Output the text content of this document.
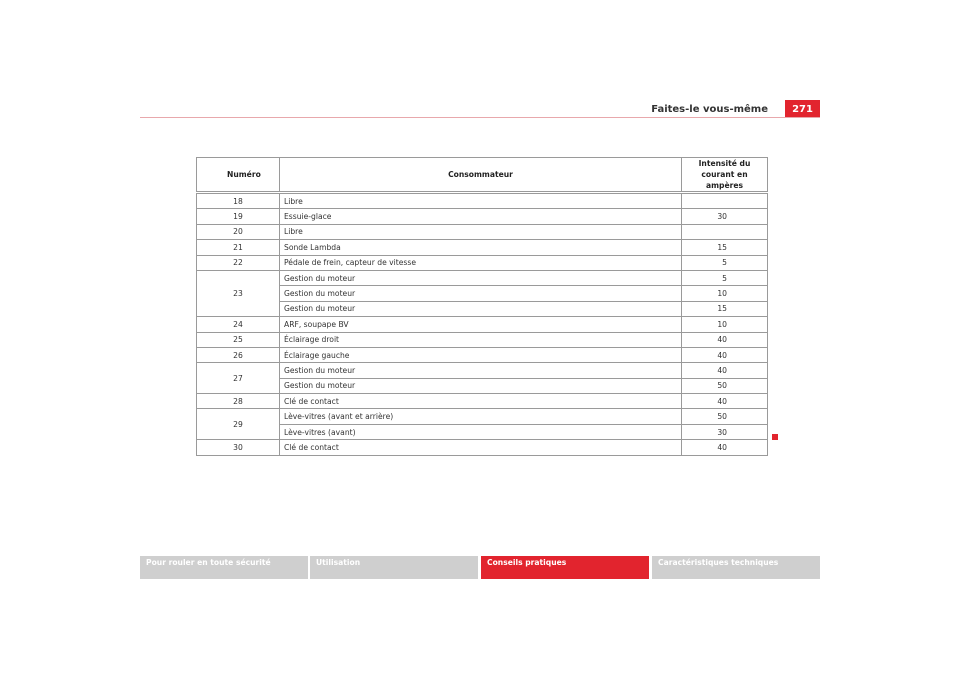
Faites-le vous-même	271
Numéro	Consommateur	Intensité du courant en ampères
18	Libre	
19	Essuie-glace	30
20	Libre	
21	Sonde Lambda	15
22	Pédale de frein, capteur de vitesse	5
23	Gestion du moteur	5
	Gestion du moteur	10
	Gestion du moteur	15
24	ARF, soupape BV	10
25	Éclairage droit	40
26	Éclairage gauche	40
27	Gestion du moteur	40
	Gestion du moteur	50
28	Clé de contact	40
29	Lève-vitres (avant et arrière)	50
	Lève-vitres (avant)	30
30	Clé de contact	40
Pour rouler en toute sécurité	Utilisation	Conseils pratiques	Caractéristiques techniques
